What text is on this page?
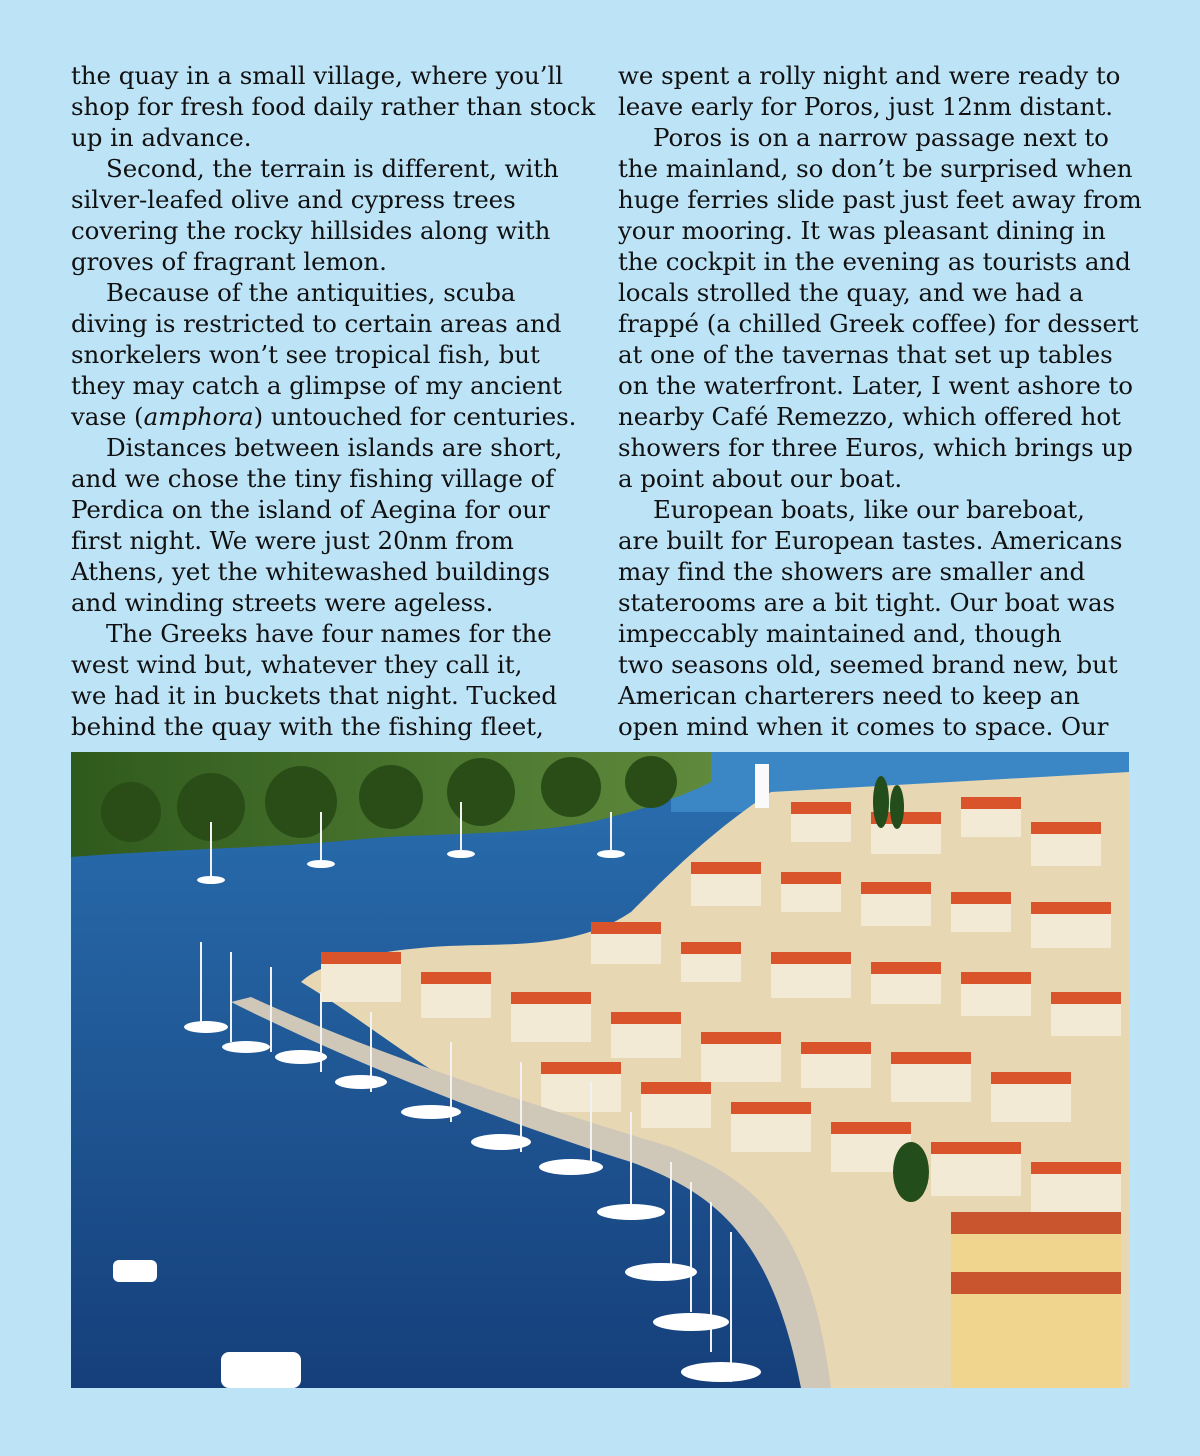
the quay in a small village, where you’ll
shop for fresh food daily rather than stock
up in advance.

Second, the terrain is different, with
silver-leafed olive and cypress trees
covering the rocky hillsides along with
groves of fragrant lemon.

Because of the antiquities, scuba
diving is restricted to certain areas and
snorkelers won’t see tropical fish, but
they may catch a glimpse of my ancient
vase (amphora) untouched for centuries.

Distances between islands are short,
and we chose the tiny fishing village of
Perdica on the island of Aegina for our
first night. We were just 20nm from
Athens, yet the whitewashed buildings
and winding streets were ageless.

The Greeks have four names for the
west wind but, whatever they call it,
we had it in buckets that night. Tucked
behind the quay with the fishing fleet,

we spent a rolly night and were ready to
leave early for Poros, just 12nm distant.

Poros is on a narrow passage next to
the mainland, so don’t be surprised when
huge ferries slide past just feet away from
your mooring. It was pleasant dining in
the cockpit in the evening as tourists and
locals strolled the quay, and we had a
frappé (a chilled Greek coffee) for dessert
at one of the tavernas that set up tables
on the waterfront. Later, I went ashore to
nearby Café Remezzo, which offered hot
showers for three Euros, which brings up
a point about our boat.

European boats, like our bareboat,
are built for European tastes. Americans
may find the showers are smaller and
staterooms are a bit tight. Our boat was
impeccably maintained and, though
two seasons old, seemed brand new, but
American charterers need to keep an
open mind when it comes to space. Our
